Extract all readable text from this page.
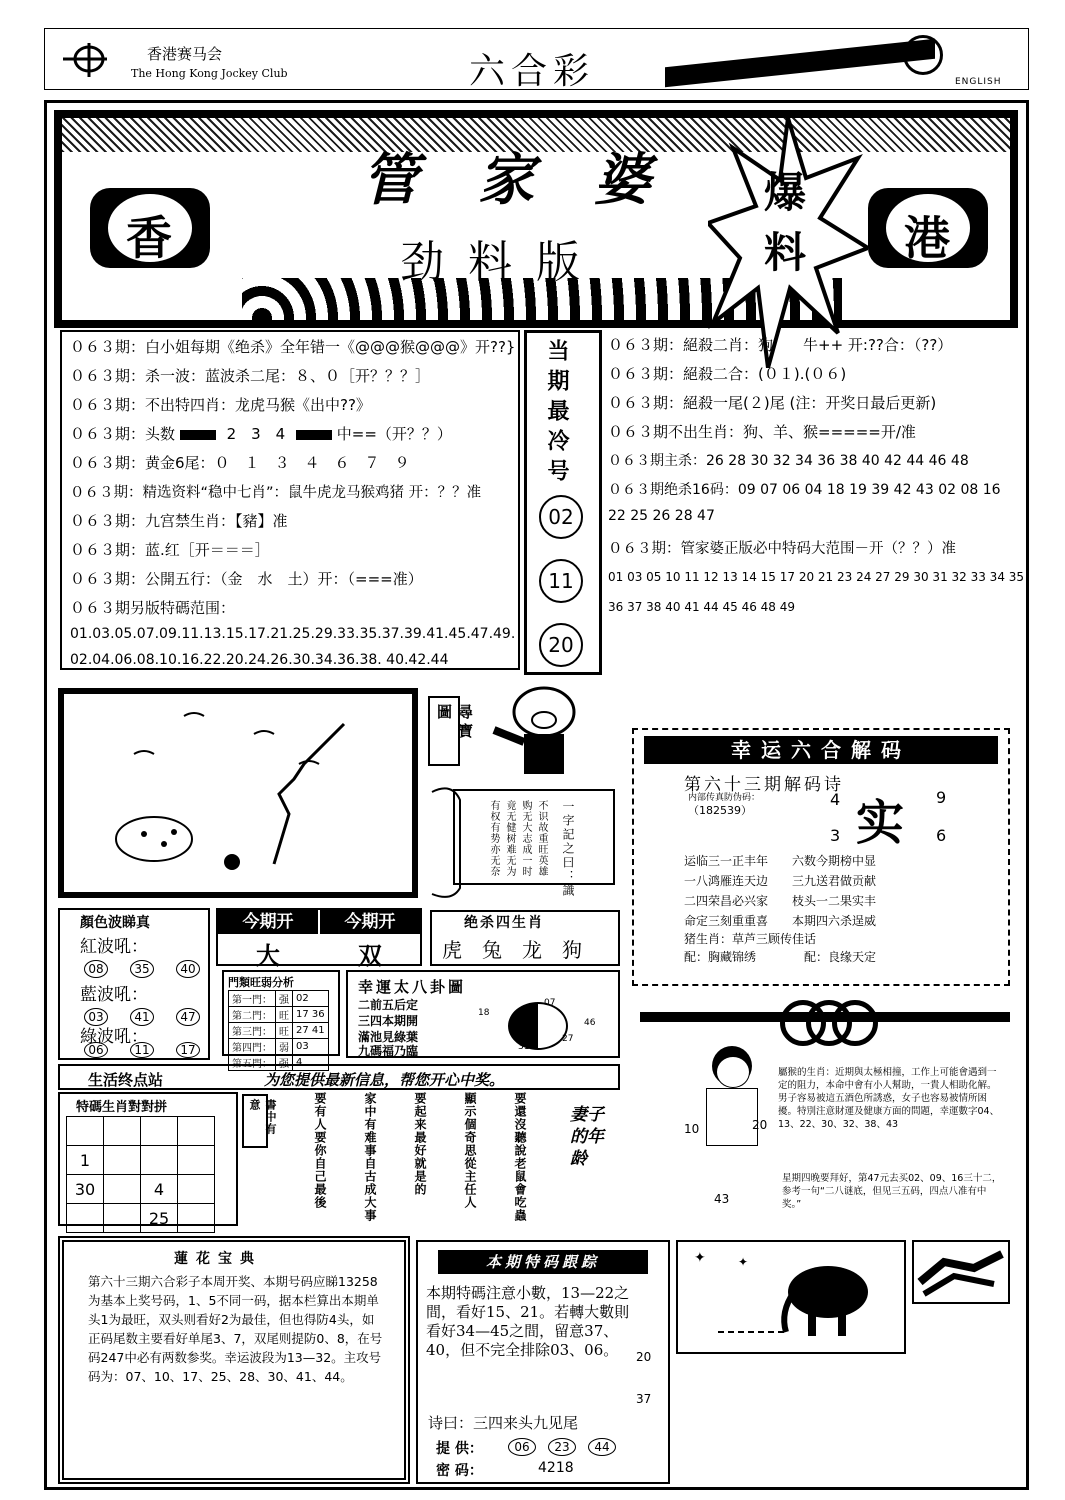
香港赛马会
The Hong Kong Jockey Club	六合彩	ENGLISH
管家婆
香	港
劲料版	爆料
０６３期：白小姐每期《绝杀》全年错一《@@@猴@@@》开??}
０６３期：杀一波：蓝波杀二尾：８、０［开？？？］
０６３期：不出特四肖：龙虎马猴《出中??》
０６３期：头数	2　3　4	中==（开？？）
０６３期：黄金6尾：０　１　３　４　６　７　９
０６３期：精选资料“稳中七肖”：鼠牛虎龙马猴鸡猪 开：？？准
０６３期：九宫禁生肖：【豬】准
０６３期：蓝.红［开＝＝＝］
０６３期：公開五行：（金　水　土）开：（===准）
０６３期另版特碼范围：
01.03.05.07.09.11.13.15.17.21.25.29.33.35.37.39.41.45.47.49.
02.04.06.08.10.16.22.20.24.26.30.34.36.38. 40.42.44
当期最冷号
02
11
20
０６３期：絕殺二肖：狗　　牛++ 开:??合：（??）
０６３期：絕殺二合：(０１).(０６)
０６３期：絕殺一尾(２)尾 (注：开奖日最后更新)
０６３期不出生肖：狗、羊、猴=====开/准
０６３期主杀：26 28 30 32 34 36 38 40 42 44 46 48
０６３期绝杀16码：09 07 06 04 18 19 39 42 43 02 08 16
22 25 26 28 47
０６３期：管家婆正版必中特码大范围－开（？？）准
01 03 05 10 11 12 13 14 15 17 20 21 23 24 27 29 30 31 32 33 34 35
36 37 38 40 41 44 45 46 48 49
尋寶圖
一字記之曰：識
有权有势亦无奈 竟无健树难无为 购无大志成一时 不识故重旺英雄
幸运六合解码
第六十三期解码诗
内部传真防伪码：
（182539） 实
4	9
3	6
运临三一正丰年　　六数今期榜中显
一八鸿雁连天边　　三九送君做贡献
二四荣昌必兴家　　枝头一二果实丰
命定三刻重重喜　　本期四六杀逞威
猪生肖：草芦三顾传佳话
配：胸藏锦绣　　　　配：良缘天定
顏色波睇真
紅波吼：
08	35	40
藍波吼：
03	41	47
綠波吼：
06	11	17
今期开	今期开
大	双
绝杀四生肖
虎　兔　龙　狗
門類旺弱分析
第一門：	强	02
第二門：	旺	17 36
第三門：	旺	27 41
第四門：	弱	03
第五門：	强	4
幸運太八卦圖
二前五后定
三四本期開
滿池見綠葉
九碼福乃臨
18
07
46
31
27
生活终点站	为您提供最新信息，帮您开心中奖。
特碼生肖對對拼

1			
30		4	
		25	
書中有意	要還沒聽說老鼠會吃蟲
顯示個奇思從主任人
要起来最好就是的
家中有难事自古成大事
要有人要你自己最後	妻子的年龄
10	20
43
屬猴的生肖：近期與太極相撞，工作上可能會遇到一定的阻力，本命中會有小人幫助，一貴人相助化解。男子容易被這五酒色所誘惑，女子也容易被情所困擾。特別注意財運及健康方面的問題，幸運數字04、13、22、30、32、38、43
星期四晚要拜好，第47元去买02、09、16三十二，参考一句“二八谜底，但见三五码，四点八准有中奖。”
蓮花宝典
第六十三期六合彩子本周开奖、本期号码应睇13258为基本上奖号码，1、5不同一码，据本栏算出本期单头1为最旺，双头则看好2为最佳，但也得防4头，如正码尾数主要看好单尾3、7，双尾则提防0、8，在号码247中必有两数参奖。幸运波段为13—32。主攻号码为：07、10、17、25、28、30、41、44。
本期特码跟踪
本期特碼注意小數，13—22之間，看好15、21。若轉大數則看好34—45之間，留意37、40，但不完全排除03、06。	20
37
诗曰：三四来头九见尾
提 供：	06	23	44
密 码：	4218
✦	✦
